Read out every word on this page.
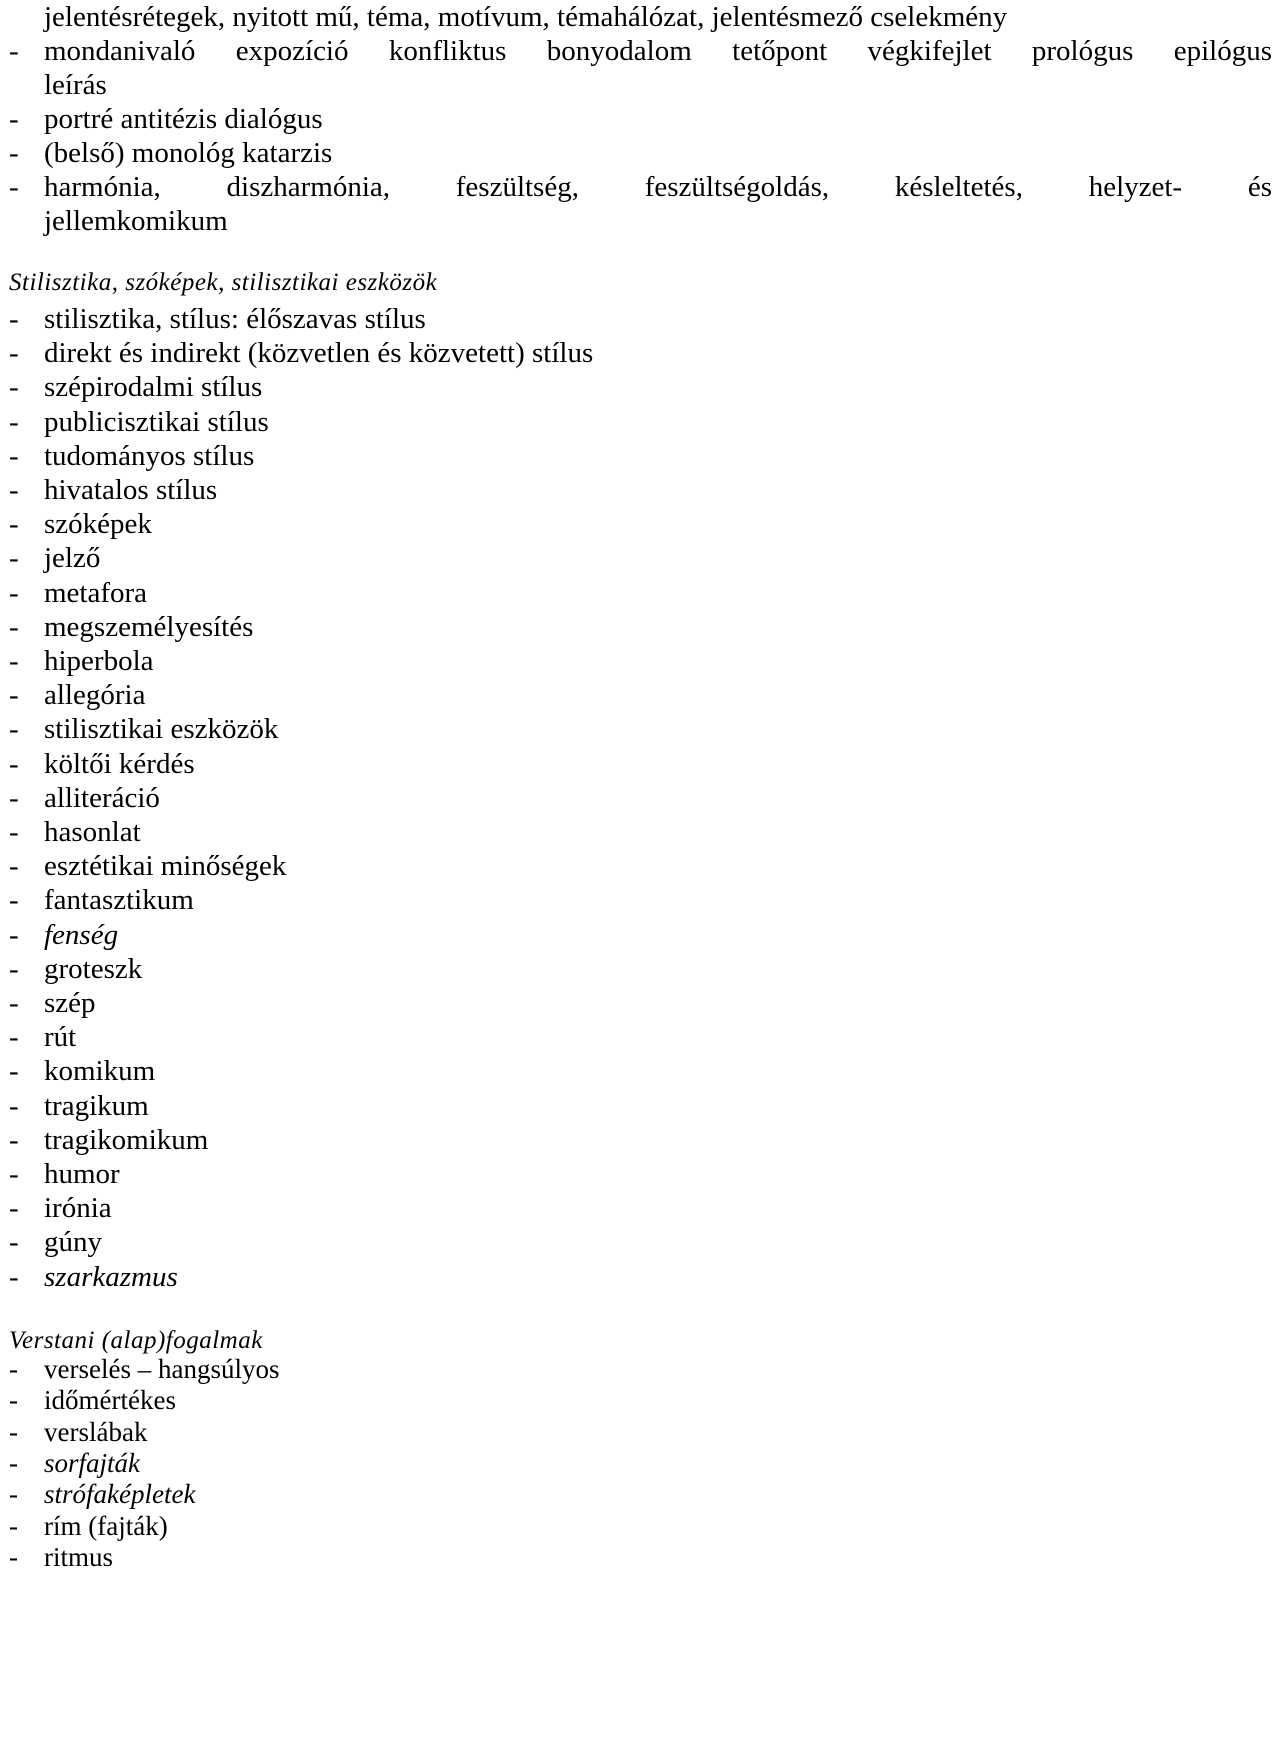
jelentésrétegek, nyitott mű, téma, motívum, témahálózat, jelentésmező cselekmény
- mondanivaló expozíció konfliktus bonyodalom tetőpont végkifejlet prológus epilógus
leírás
- portré antitézis dialógus
- (belső) monológ katarzis
- harmónia, diszharmónia, feszültség, feszültségoldás, késleltetés, helyzet- és
jellemkomikum
Stilisztika, szóképek, stilisztikai eszközök
- stilisztika, stílus: élőszavas stílus
- direkt és indirekt (közvetlen és közvetett) stílus
- szépirodalmi stílus
- publicisztikai stílus
- tudományos stílus
- hivatalos stílus
- szóképek
- jelző
- metafora
- megszemélyesítés
- hiperbola
- allegória
- stilisztikai eszközök
- költői kérdés
- alliteráció
- hasonlat
- esztétikai minőségek
- fantasztikum
- fenség
- groteszk
- szép
- rút
- komikum
- tragikum
- tragikomikum
- humor
- irónia
- gúny
- szarkazmus
Verstani (alap)fogalmak
- verselés – hangsúlyos
- időmértékes
- verslábak
- sorfajták
- strófaképletek
- rím (fajták)
- ritmus
